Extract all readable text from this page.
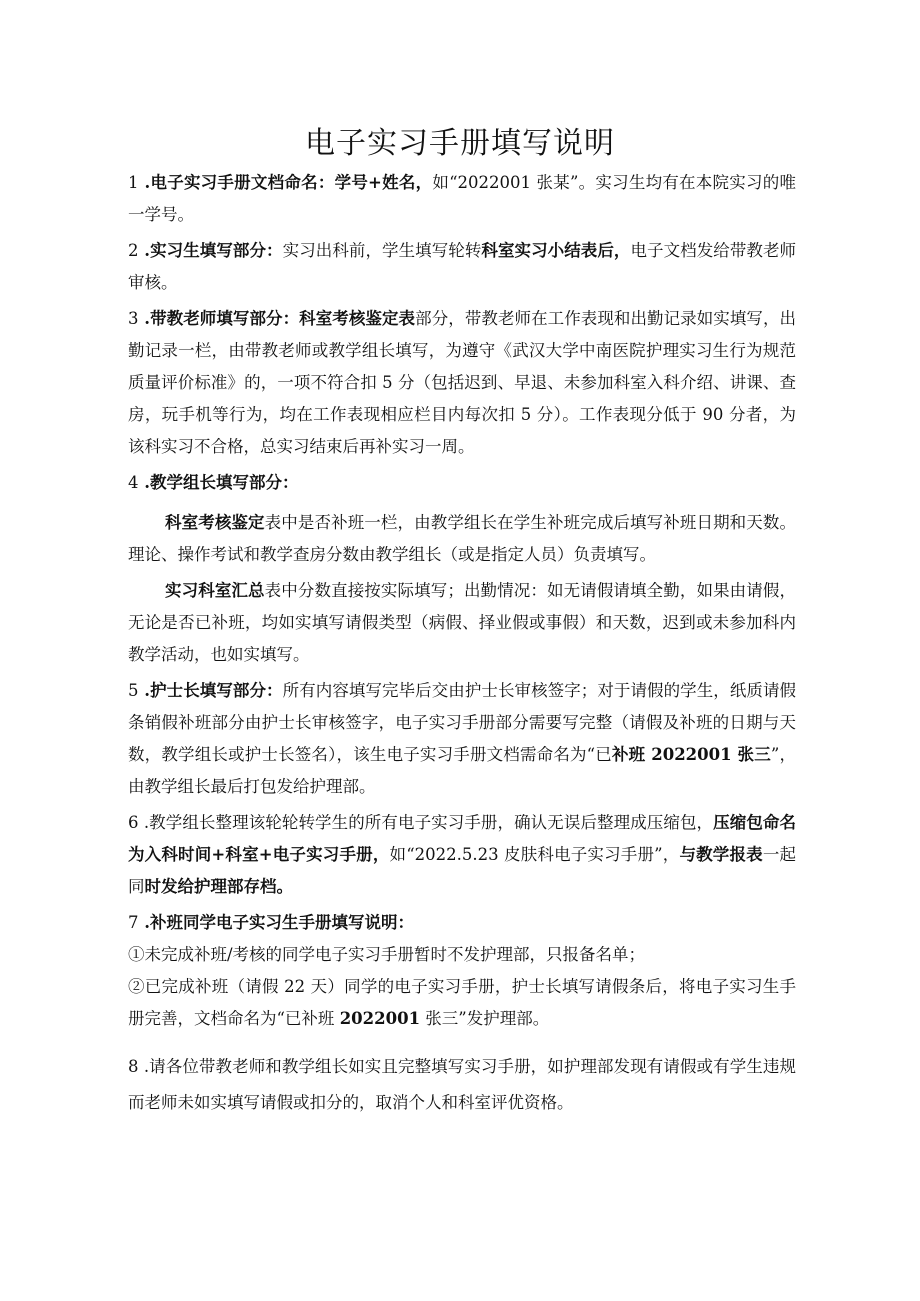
电子实习手册填写说明

1 .电子实习手册文档命名：学号+姓名，如“2022001 张某”。实习生均有在本院实习的唯一学号。

2 .实习生填写部分：实习出科前，学生填写轮转科室实习小结表后，电子文档发给带教老师审核。

3 .带教老师填写部分：科室考核鉴定表部分，带教老师在工作表现和出勤记录如实填写，出勤记录一栏，由带教老师或教学组长填写，为遵守《武汉大学中南医院护理实习生行为规范质量评价标准》的，一项不符合扣 5 分（包括迟到、早退、未参加科室入科介绍、讲课、查房，玩手机等行为，均在工作表现相应栏目内每次扣 5 分）。工作表现分低于 90 分者，为该科实习不合格，总实习结束后再补实习一周。

4 .教学组长填写部分：

科室考核鉴定表中是否补班一栏，由教学组长在学生补班完成后填写补班日期和天数。理论、操作考试和教学查房分数由教学组长（或是指定人员）负责填写。

实习科室汇总表中分数直接按实际填写；出勤情况：如无请假请填全勤，如果由请假，无论是否已补班，均如实填写请假类型（病假、择业假或事假）和天数，迟到或未参加科内教学活动，也如实填写。

5 .护士长填写部分：所有内容填写完毕后交由护士长审核签字；对于请假的学生，纸质请假条销假补班部分由护士长审核签字，电子实习手册部分需要写完整（请假及补班的日期与天数，教学组长或护士长签名），该生电子实习手册文档需命名为“已补班 2022001 张三”，由教学组长最后打包发给护理部。

6 .教学组长整理该轮轮转学生的所有电子实习手册，确认无误后整理成压缩包，压缩包命名为入科时间+科室+电子实习手册，如“2022.5.23 皮肤科电子实习手册”，与教学报表一起同时发给护理部存档。

7 .补班同学电子实习生手册填写说明：

①未完成补班/考核的同学电子实习手册暂时不发护理部，只报备名单；

②已完成补班（请假 22 天）同学的电子实习手册，护士长填写请假条后，将电子实习生手册完善，文档命名为“已补班 2022001 张三”发护理部。

8 .请各位带教老师和教学组长如实且完整填写实习手册，如护理部发现有请假或有学生违规而老师未如实填写请假或扣分的，取消个人和科室评优资格。
